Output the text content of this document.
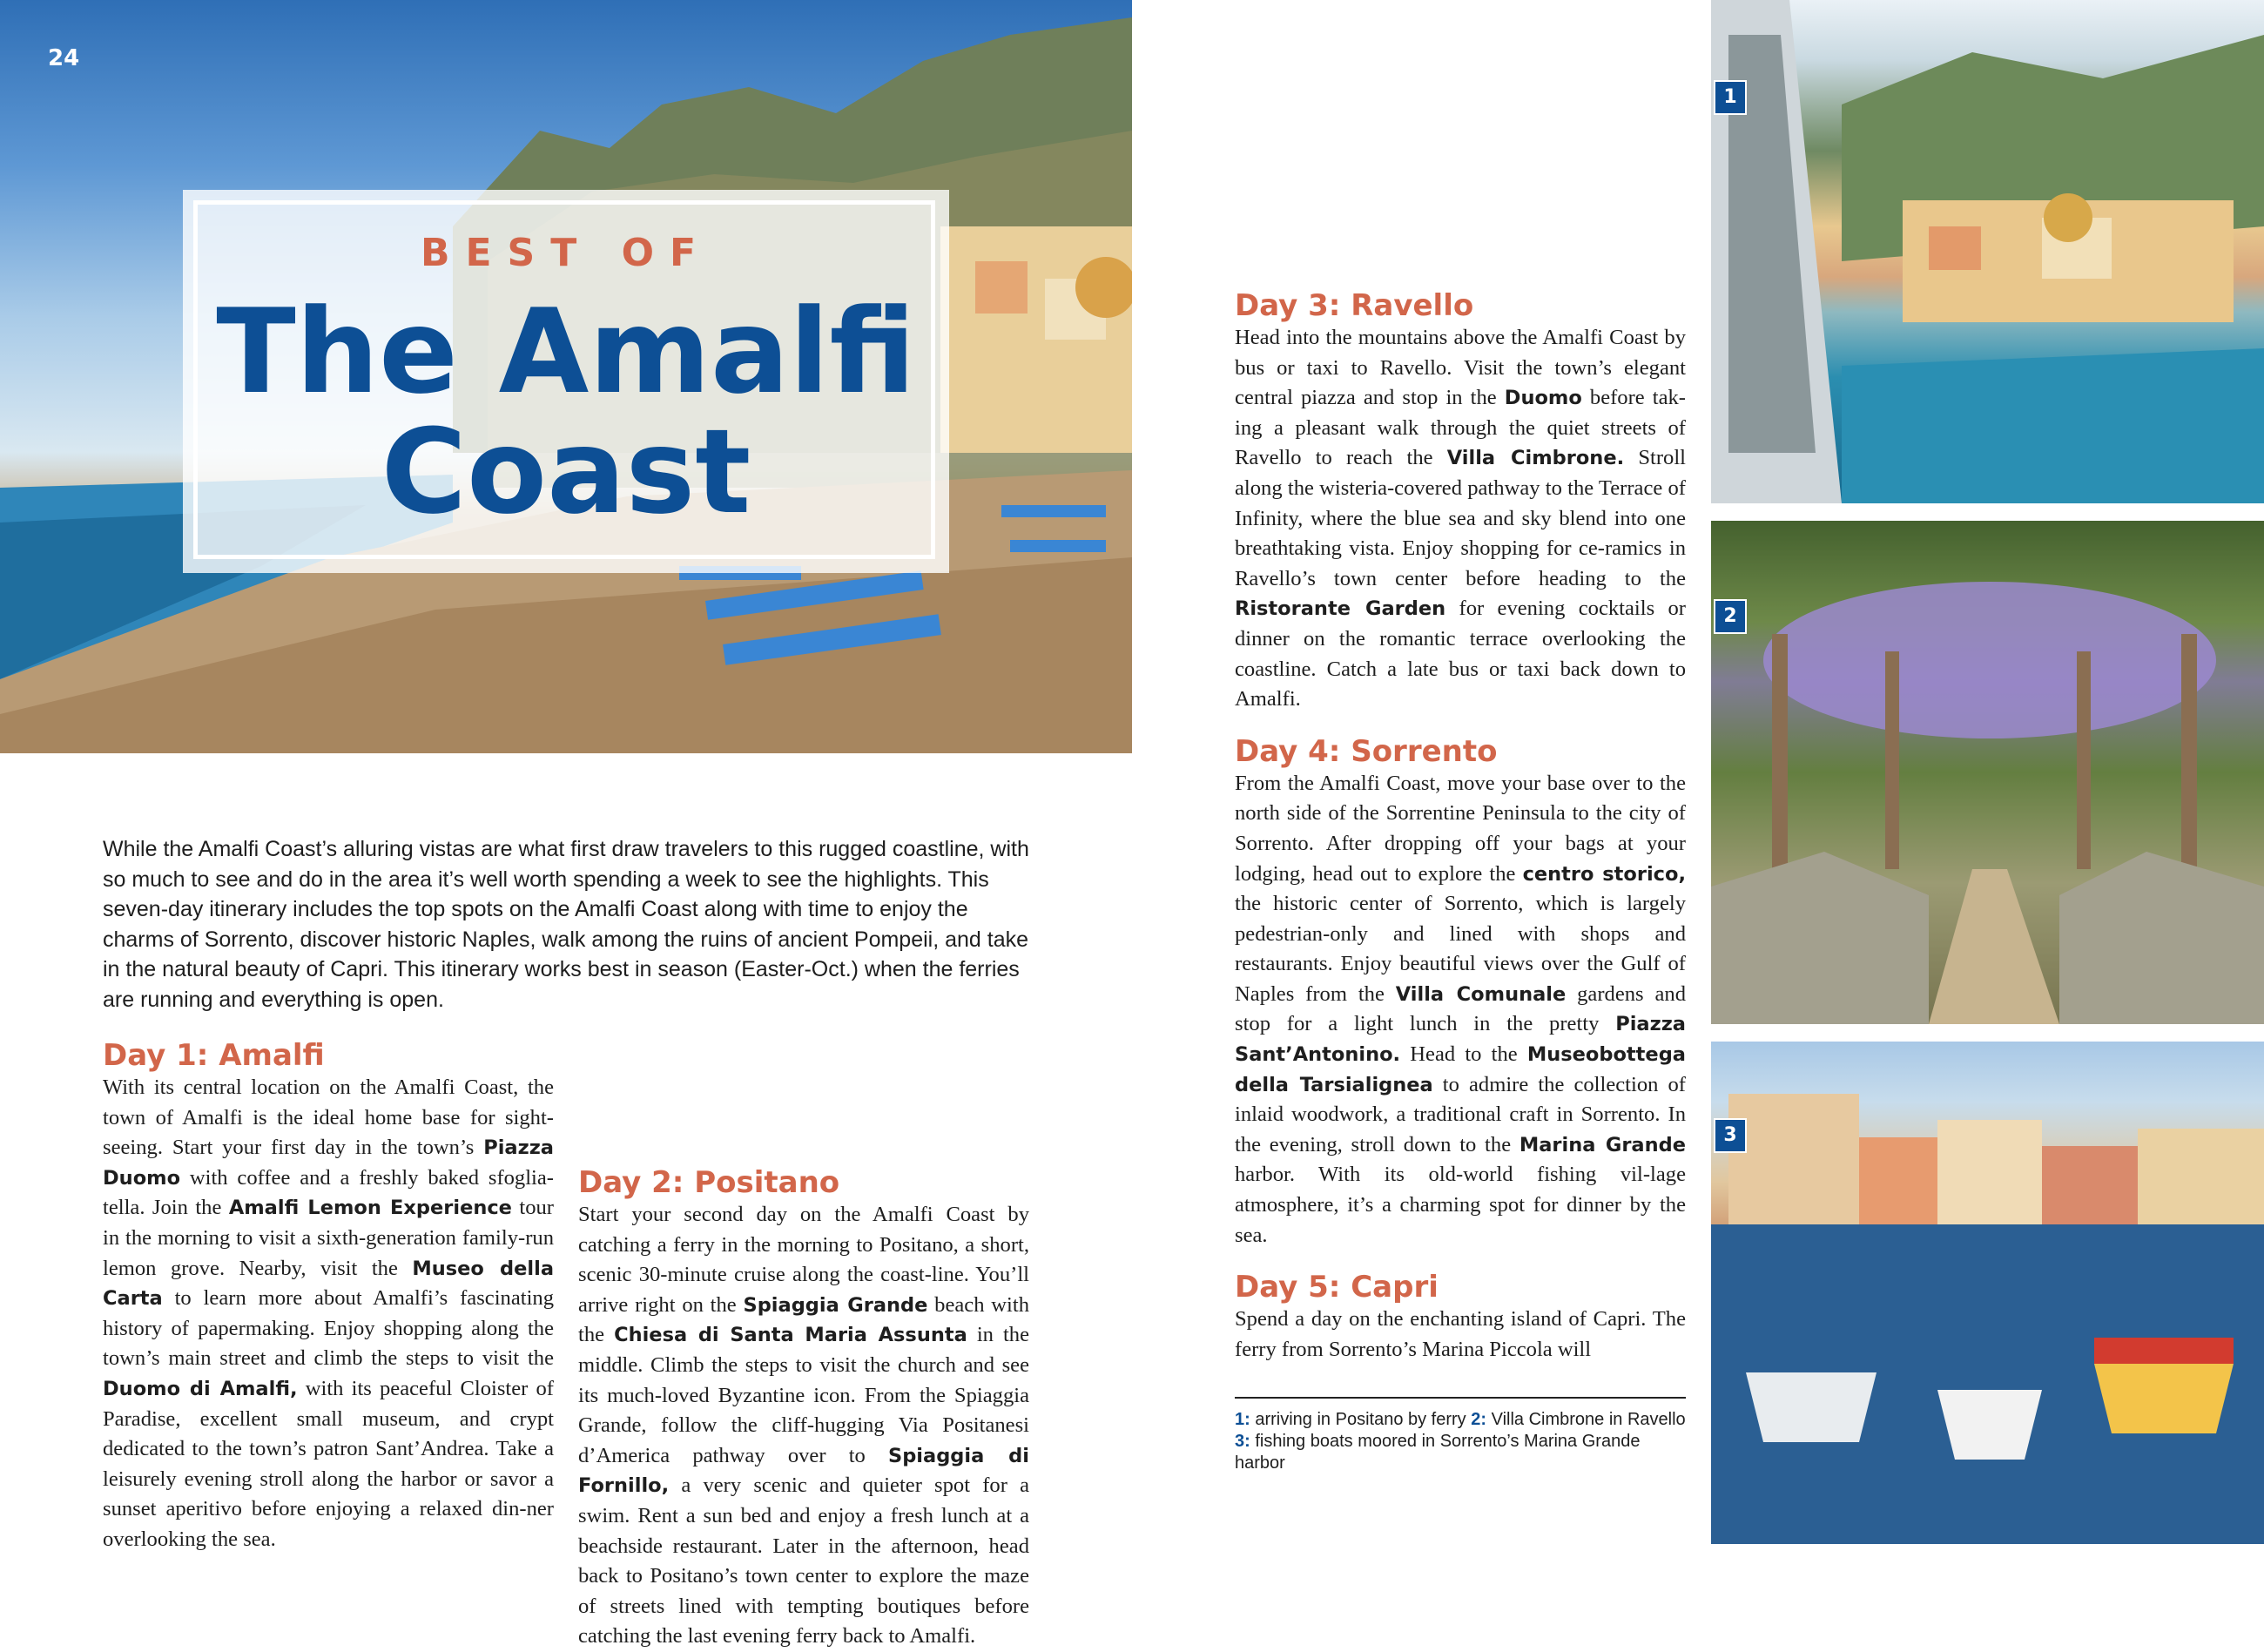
24
BEST OF
The Amalfi
Coast
While the Amalfi Coast’s alluring vistas are what first draw travelers to this rugged coastline, with so much to see and do in the area it’s well worth spending a week to see the highlights. This seven-day itinerary includes the top spots on the Amalfi Coast along with time to enjoy the charms of Sorrento, discover historic Naples, walk among the ruins of ancient Pompeii, and take in the natural beauty of Capri. This itinerary works best in season (Easter-Oct.) when the ferries are running and everything is open.
Day 1: Amalfi

With its central location on the Amalfi Coast, the town of Amalfi is the ideal home base for sight-seeing. Start your first day in the town’s Piazza Duomo with coffee and a freshly baked sfoglia-tella. Join the Amalfi Lemon Experience tour in the morning to visit a sixth-generation family-run lemon grove. Nearby, visit the Museo della Carta to learn more about Amalfi’s fascinating history of papermaking. Enjoy shopping along the town’s main street and climb the steps to visit the Duomo di Amalfi, with its peaceful Cloister of Paradise, excellent small museum, and crypt dedicated to the town’s patron Sant’Andrea. Take a leisurely evening stroll along the harbor or savor a sunset aperitivo before enjoying a relaxed din-ner overlooking the sea.

Day 2: Positano

Start your second day on the Amalfi Coast by catching a ferry in the morning to Positano, a short, scenic 30-minute cruise along the coast-line. You’ll arrive right on the Spiaggia Grande beach with the Chiesa di Santa Maria Assunta in the middle. Climb the steps to visit the church and see its much-loved Byzantine icon. From the Spiaggia Grande, follow the cliff-hugging Via Positanesi d’America pathway over to Spiaggia di Fornillo, a very scenic and quieter spot for a swim. Rent a sun bed and enjoy a fresh lunch at a beachside restaurant. Later in the afternoon, head back to Positano’s town center to explore the maze of streets lined with tempting boutiques before catching the last evening ferry back to Amalfi.

Day 3: Ravello

Head into the mountains above the Amalfi Coast by bus or taxi to Ravello. Visit the town’s elegant central piazza and stop in the Duomo before tak-ing a pleasant walk through the quiet streets of Ravello to reach the Villa Cimbrone. Stroll along the wisteria-covered pathway to the Terrace of Infinity, where the blue sea and sky blend into one breathtaking vista. Enjoy shopping for ce-ramics in Ravello’s town center before heading to the Ristorante Garden for evening cocktails or dinner on the romantic terrace overlooking the coastline. Catch a late bus or taxi back down to Amalfi.

Day 4: Sorrento

From the Amalfi Coast, move your base over to the north side of the Sorrentine Peninsula to the city of Sorrento. After dropping off your bags at your lodging, head out to explore the centro storico, the historic center of Sorrento, which is largely pedestrian-only and lined with shops and restaurants. Enjoy beautiful views over the Gulf of Naples from the Villa Comunale gardens and stop for a light lunch in the pretty Piazza Sant’Antonino. Head to the Museobottega della Tarsialignea to admire the collection of inlaid woodwork, a traditional craft in Sorrento. In the evening, stroll down to the Marina Grande harbor. With its old-world fishing vil-lage atmosphere, it’s a charming spot for dinner by the sea.

Day 5: Capri

Spend a day on the enchanting island of Capri. The ferry from Sorrento’s Marina Piccola will

1: arriving in Positano by ferry 2: Villa Cimbrone in Ravello 3: fishing boats moored in Sorrento’s Marina Grande harbor
1
2
3
